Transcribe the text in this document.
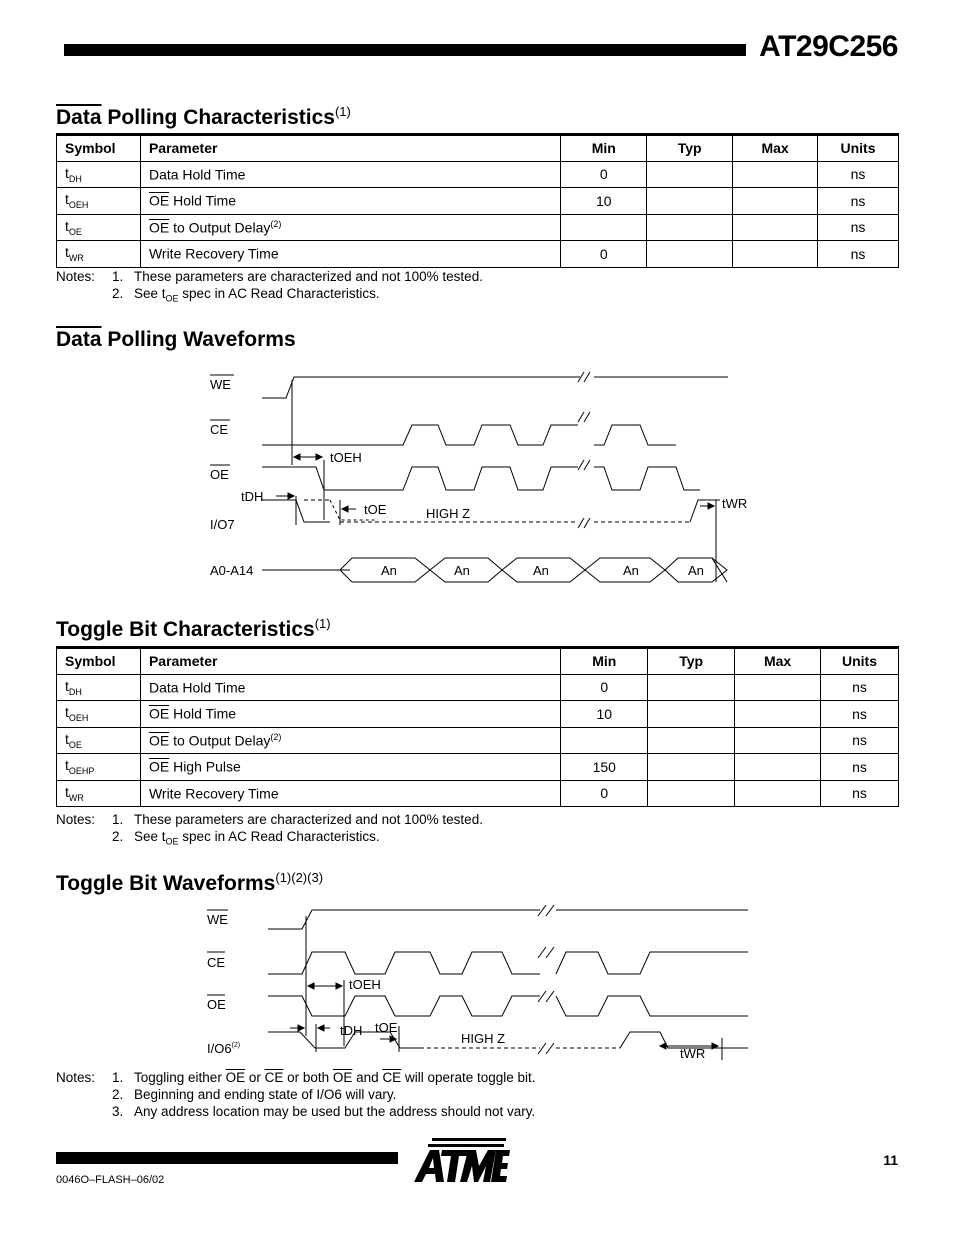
AT29C256
Data Polling Characteristics$^{(1)}$
Symbol	Parameter	Min	Typ	Max	Units
$t_{DH}$	Data Hold Time	0			ns
$t_{OEH}$	$\overline{OE}$ Hold Time	10			ns
$t_{OE}$	$\overline{OE}$ to Output Delay$^{(2)}$				ns
$t_{WR}$	Write Recovery Time	0			ns
Notes: 1. These parameters are characterized and not 100% tested.
2. See $t_{OE}$ spec in AC Read Characteristics.
Data Polling Waveforms
WE
CE
OE
I/O7
A0-A14
tOEH
tDH
tOE	HIGH Z
tWR
An	An	An	An	An
Toggle Bit Characteristics$^{(1)}$
Symbol	Parameter	Min	Typ	Max	Units
$t_{DH}$	Data Hold Time	0			ns
$t_{OEH}$	$\overline{OE}$ Hold Time	10			ns
$t_{OE}$	$\overline{OE}$ to Output Delay$^{(2)}$				ns
$t_{OEHP}$	$\overline{OE}$ High Pulse	150			ns
$t_{WR}$	Write Recovery Time	0			ns
Notes: 1. These parameters are characterized and not 100% tested.
2. See $t_{OE}$ spec in AC Read Characteristics.
Toggle Bit Waveforms$^{(1)(2)(3)}$
WE
CE
OE
I/O6$^{(2)}$
tOEH
tDH tOE
HIGH Z
tWR
Notes: 1. Toggling either $\overline{OE}$ or $\overline{CE}$ or both $\overline{OE}$ and $\overline{CE}$ will operate toggle bit.
2. Beginning and ending state of I/O6 will vary.
3. Any address location may be used but the address should not vary.
®
11
0046O–FLASH–06/02
